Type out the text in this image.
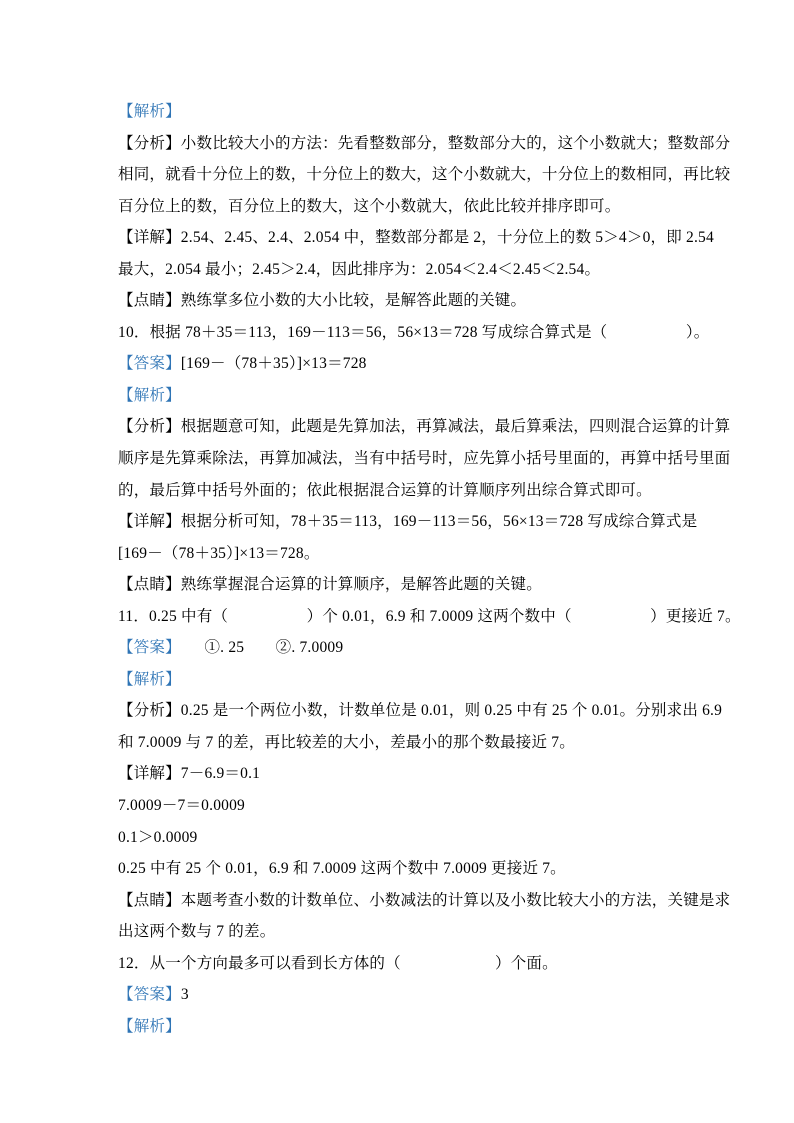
【解析】
【分析】小数比较大小的方法：先看整数部分，整数部分大的，这个小数就大；整数部分
相同，就看十分位上的数，十分位上的数大，这个小数就大，十分位上的数相同，再比较
百分位上的数，百分位上的数大，这个小数就大，依此比较并排序即可。
【详解】2.54、2.45、2.4、2.054 中，整数部分都是 2，十分位上的数 5＞4＞0，即 2.54
最大，2.054 最小；2.45＞2.4，因此排序为：2.054＜2.4＜2.45＜2.54。
【点睛】熟练掌多位小数的大小比较，是解答此题的关键。
10．根据 78＋35＝113，169－113＝56，56×13＝728 写成综合算式是（　　　　　）。
【答案】[169－（78＋35）]×13＝728
【解析】
【分析】根据题意可知，此题是先算加法，再算减法，最后算乘法，四则混合运算的计算
顺序是先算乘除法，再算加减法，当有中括号时，应先算小括号里面的，再算中括号里面
的，最后算中括号外面的；依此根据混合运算的计算顺序列出综合算式即可。
【详解】根据分析可知，78＋35＝113，169－113＝56，56×13＝728 写成综合算式是
[169－（78＋35）]×13＝728。
【点睛】熟练掌握混合运算的计算顺序，是解答此题的关键。
11．0.25 中有（　　　　　）个 0.01，6.9 和 7.0009 这两个数中（　　　　　）更接近 7。
【答案】　　①. 25　　②. 7.0009
【解析】
【分析】0.25 是一个两位小数，计数单位是 0.01，则 0.25 中有 25 个 0.01。分别求出 6.9
和 7.0009 与 7 的差，再比较差的大小，差最小的那个数最接近 7。
【详解】7－6.9＝0.1
7.0009－7＝0.0009
0.1＞0.0009
0.25 中有 25 个 0.01，6.9 和 7.0009 这两个数中 7.0009 更接近 7。
【点睛】本题考查小数的计数单位、小数减法的计算以及小数比较大小的方法，关键是求
出这两个数与 7 的差。
12．从一个方向最多可以看到长方体的（　　　　　　）个面。
【答案】3
【解析】
